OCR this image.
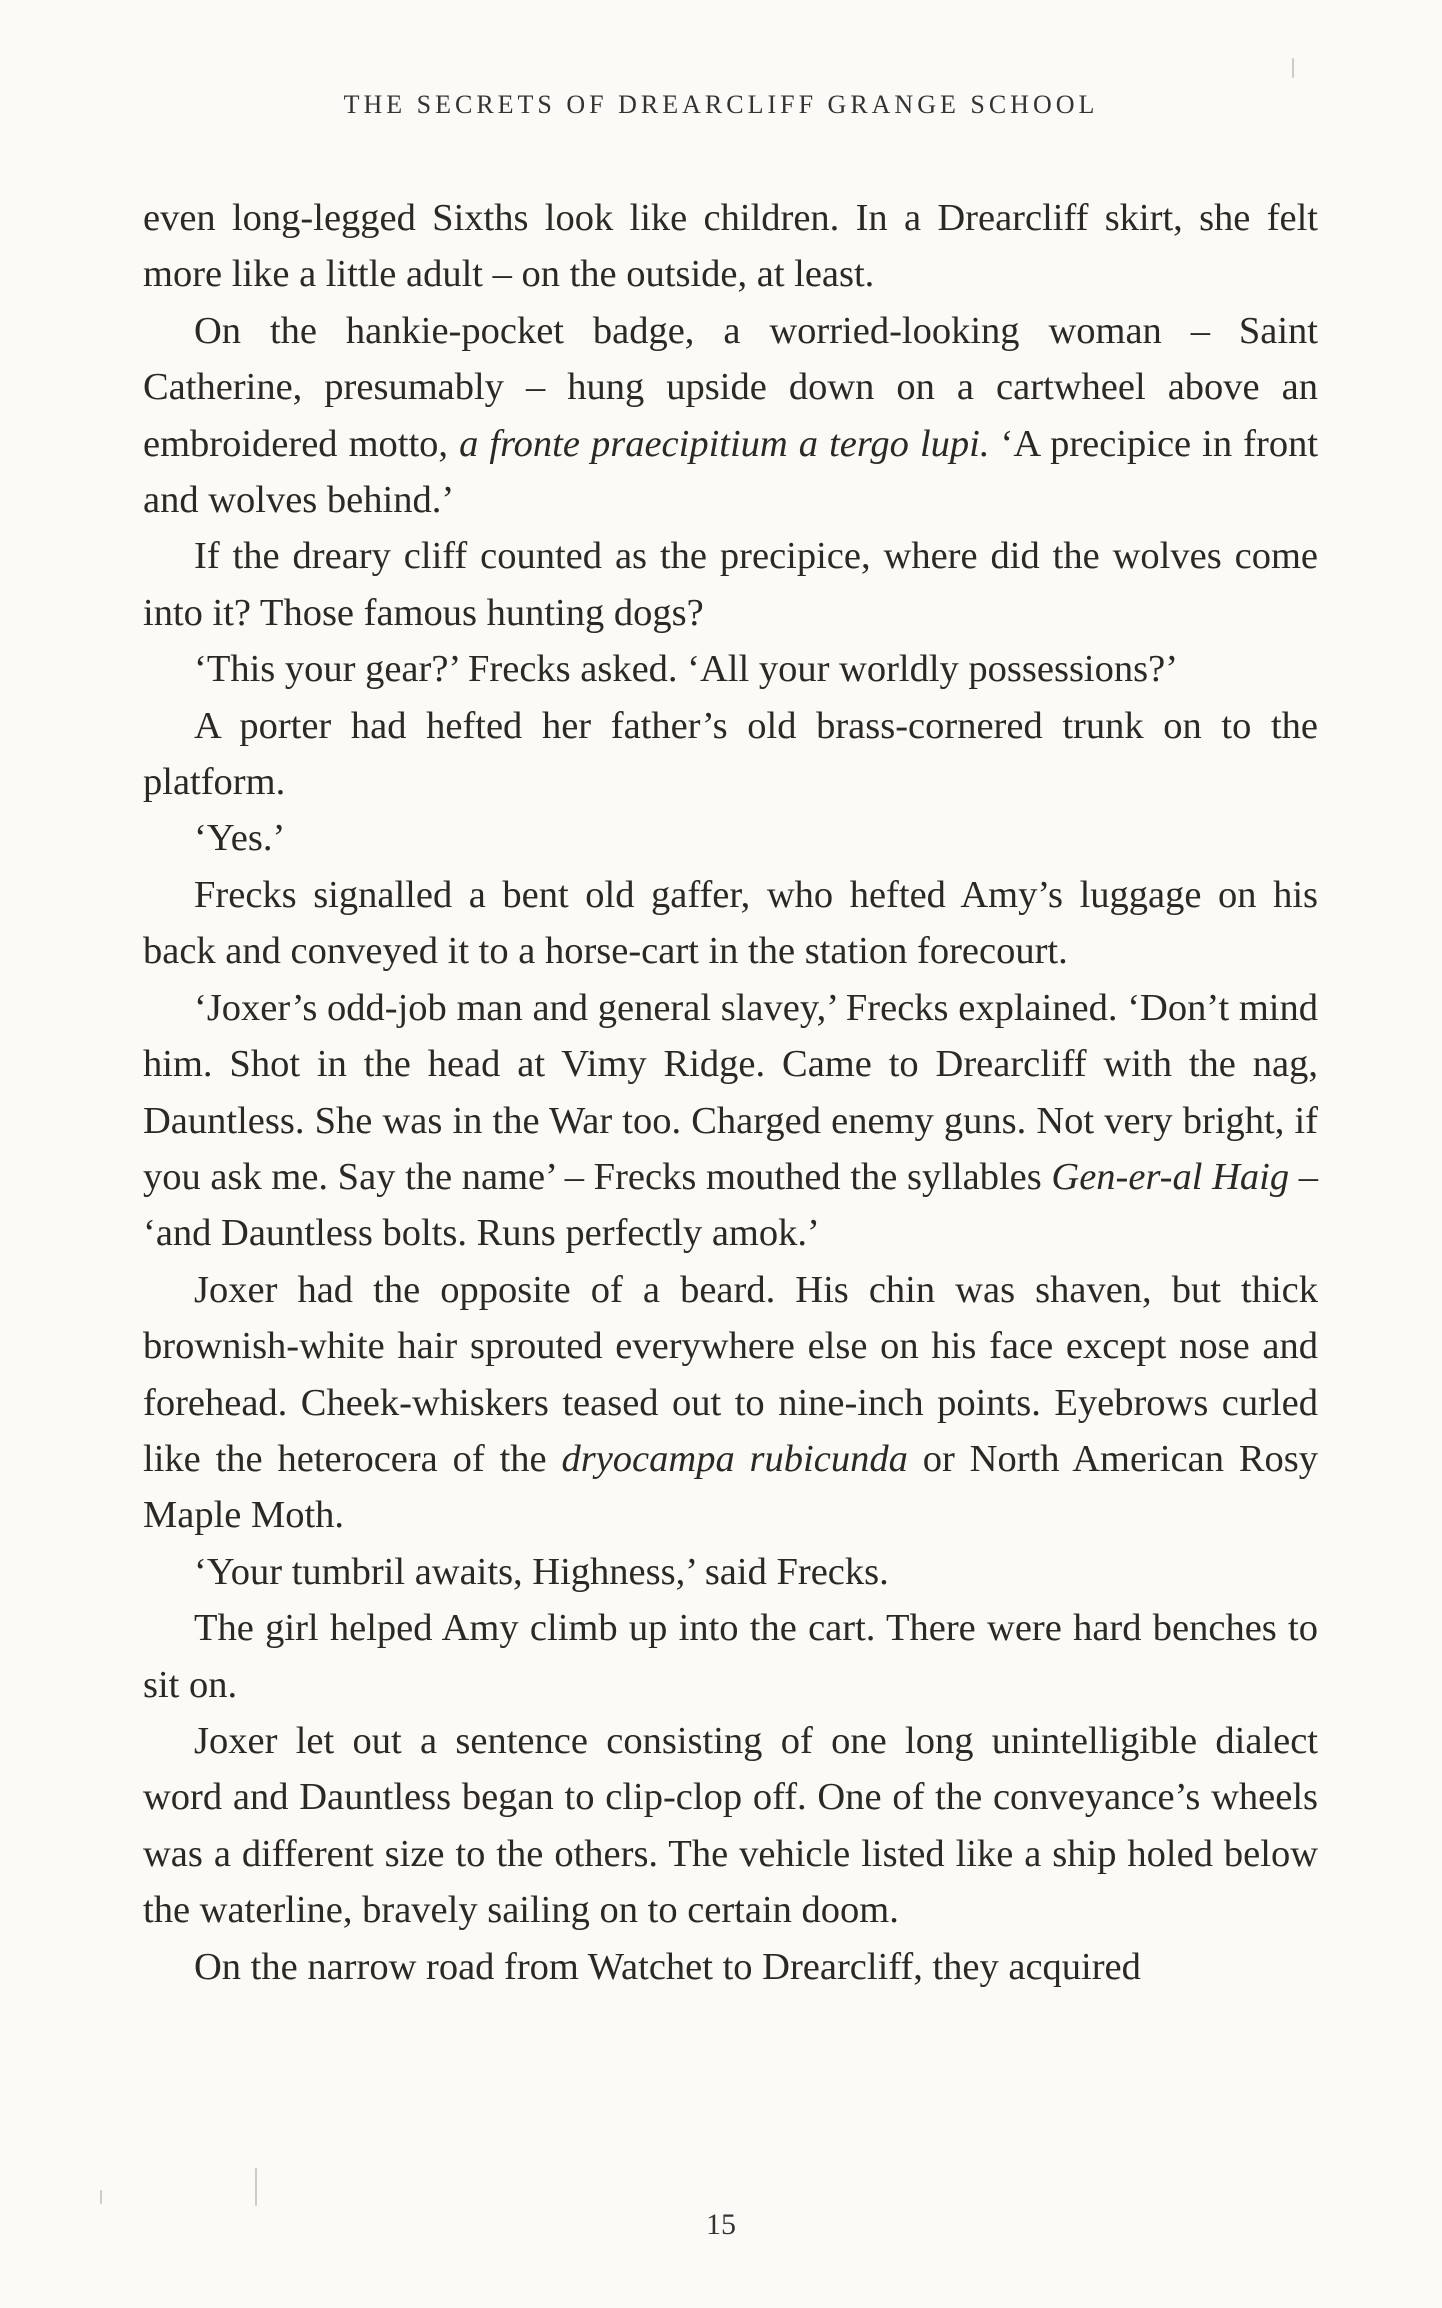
THE SECRETS OF DREARCLIFF GRANGE SCHOOL

even long-legged Sixths look like children. In a Drearcliff skirt, she felt more like a little adult – on the outside, at least.

On the hankie-pocket badge, a worried-looking woman – Saint Catherine, presumably – hung upside down on a cartwheel above an embroidered motto, a fronte praecipitium a tergo lupi. ‘A precipice in front and wolves behind.’

If the dreary cliff counted as the precipice, where did the wolves come into it? Those famous hunting dogs?

‘This your gear?’ Frecks asked. ‘All your worldly possessions?’

A porter had hefted her father’s old brass-cornered trunk on to the platform.

‘Yes.’

Frecks signalled a bent old gaffer, who hefted Amy’s luggage on his back and conveyed it to a horse-cart in the station forecourt.

‘Joxer’s odd-job man and general slavey,’ Frecks explained. ‘Don’t mind him. Shot in the head at Vimy Ridge. Came to Drearcliff with the nag, Dauntless. She was in the War too. Charged enemy guns. Not very bright, if you ask me. Say the name’ – Frecks mouthed the syllables Gen-er-al Haig – ‘and Dauntless bolts. Runs perfectly amok.’

Joxer had the opposite of a beard. His chin was shaven, but thick brownish-white hair sprouted everywhere else on his face except nose and forehead. Cheek-whiskers teased out to nine-inch points. Eyebrows curled like the heterocera of the dryocampa rubicunda or North American Rosy Maple Moth.

‘Your tumbril awaits, Highness,’ said Frecks.

The girl helped Amy climb up into the cart. There were hard benches to sit on.

Joxer let out a sentence consisting of one long unintelligible dialect word and Dauntless began to clip-clop off. One of the conveyance’s wheels was a different size to the others. The vehicle listed like a ship holed below the waterline, bravely sailing on to certain doom.

On the narrow road from Watchet to Drearcliff, they acquired

15
